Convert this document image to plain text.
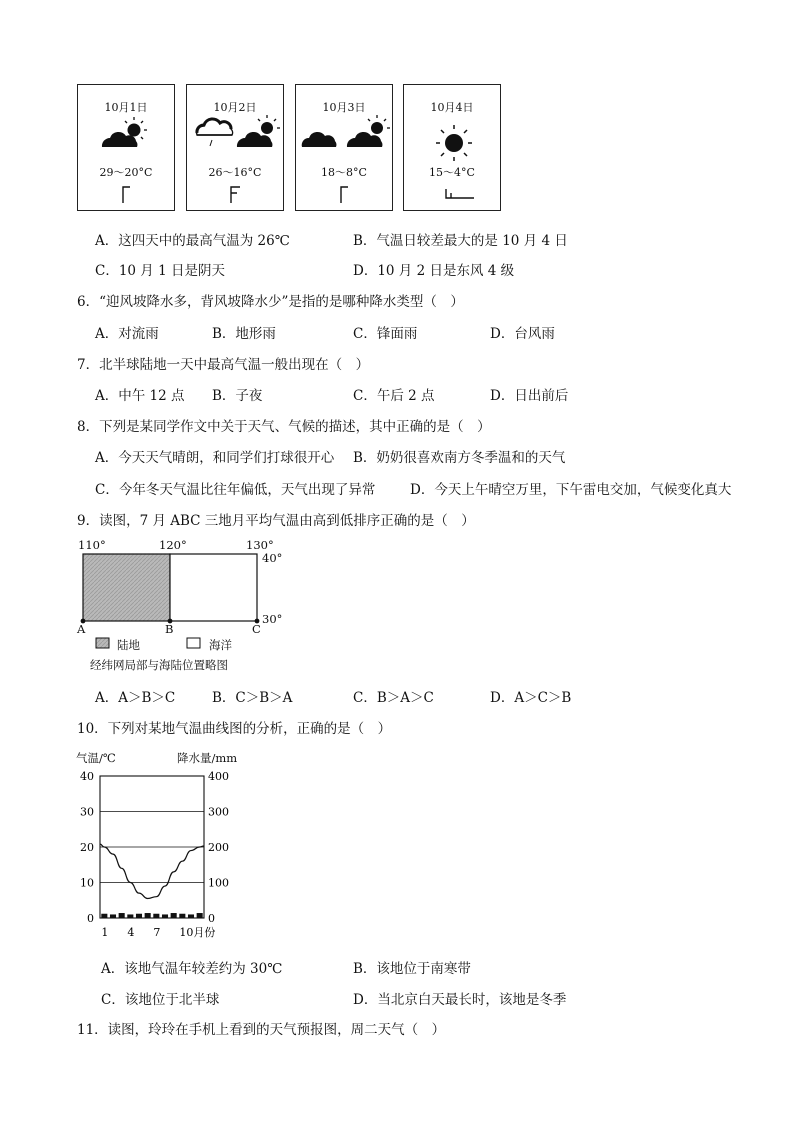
10月1日
29～20°C
10月2日
26～16°C
10月3日
18～8°C
10月4日
15～4°C
A．这四天中的最高气温为 26℃	B．气温日较差最大的是 10 月 4 日
C．10 月 1 日是阴天	D．10 月 2 日是东风 4 级
6．“迎风坡降水多，背风坡降水少”是指的是哪种降水类型（　）
A．对流雨	B．地形雨	C．锋面雨	D．台风雨
7．北半球陆地一天中最高气温一般出现在（　）
A．中午 12 点 B．子夜	C．午后 2 点	D．日出前后
8．下列是某同学作文中关于天气、气候的描述，其中正确的是（　）
A．今天天气晴朗，和同学们打球很开心 B．奶奶很喜欢南方冬季温和的天气
C．今年冬天气温比往年偏低，天气出现了异常	D．今天上午晴空万里，下午雷电交加，气候变化真大
9．读图，7 月 ABC 三地月平均气温由高到低排序正确的是（　）
110°	120°	130°
40°
30°
A	B	C
陆地	海洋
经纬网局部与海陆位置略图
A．A＞B＞C	B．C＞B＞A	C．B＞A＞C	D．A＞C＞B
10．下列对某地气温曲线图的分析，正确的是（　）
0	0
10	100
20	200
30	300
40	400
1 4 7 10月份
气温/℃	降水量/mm
A．该地气温年较差约为 30℃	B．该地位于南寒带
C．该地位于北半球	D．当北京白天最长时，该地是冬季
11．读图，玲玲在手机上看到的天气预报图，周二天气（　）
